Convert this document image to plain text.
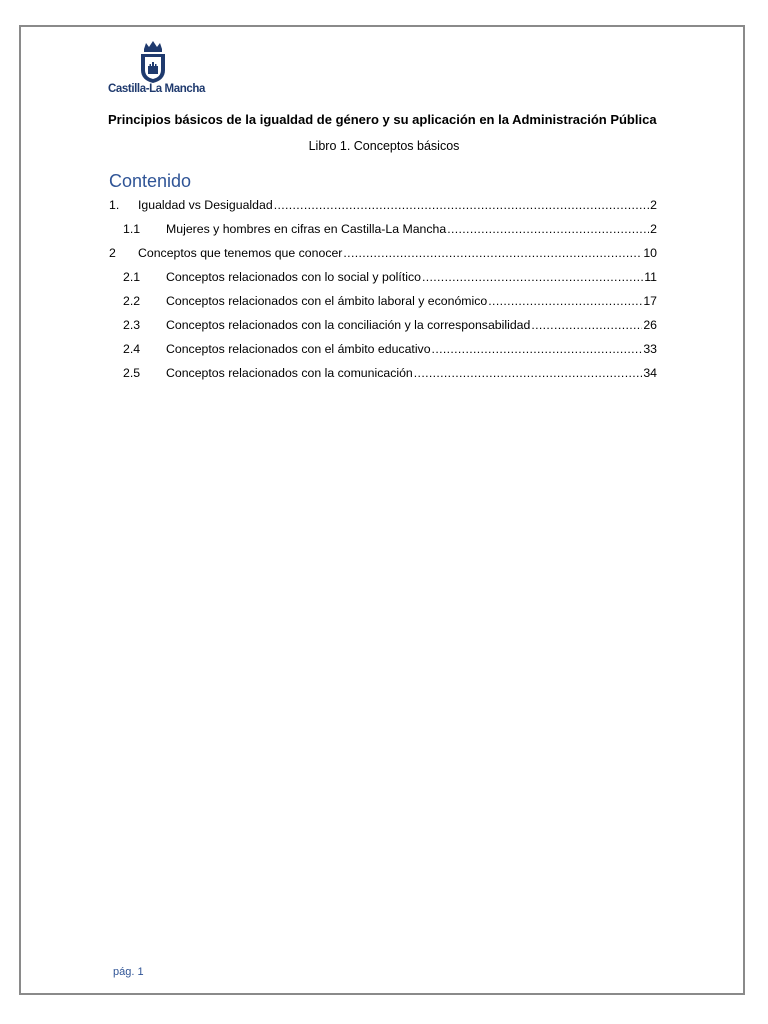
Castilla-La Mancha
Principios básicos de la igualdad de género y su aplicación en la Administración Pública
Libro 1. Conceptos básicos
Contenido
1.	Igualdad vs Desigualdad .....	2
1.1	Mujeres y hombres en cifras en Castilla-La Mancha .....	2
2	Conceptos que tenemos que conocer .....	10
2.1	Conceptos relacionados con lo social y político .....	11
2.2	Conceptos relacionados con el ámbito laboral y económico .....	17
2.3	Conceptos relacionados con la conciliación y la corresponsabilidad .....	26
2.4	Conceptos relacionados con el ámbito educativo .....	33
2.5	Conceptos relacionados con la comunicación .....	34
pág. 1
